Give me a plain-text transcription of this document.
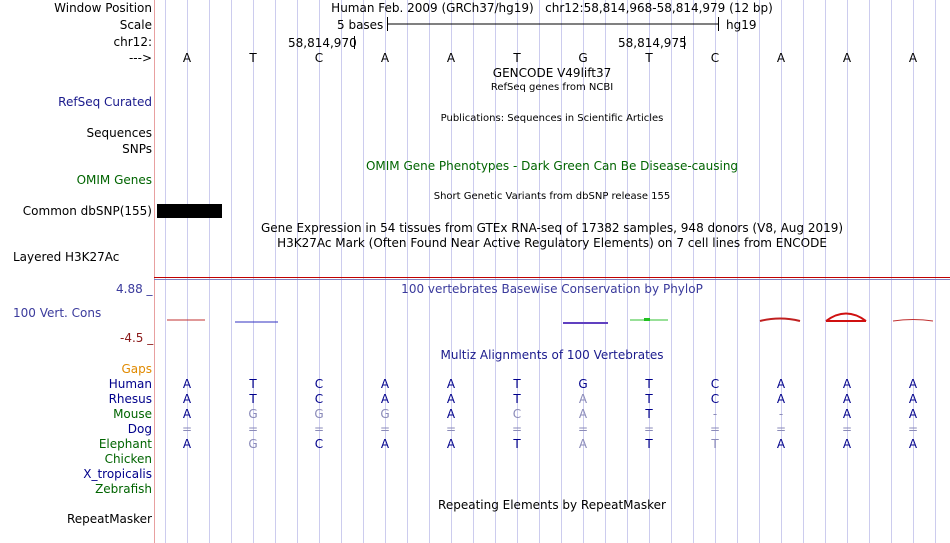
Window Position	Human Feb. 2009 (GRCh37/hg19)   chr12:58,814,968-58,814,979 (12 bp)
Scale	5 bases	hg19
chr12:	58,814,970	58,814,975
--->	A	T	C	A	A	T	G	T	C	A	A	A
GENCODE V49lift37
RefSeq genes from NCBI
RefSeq Curated
Publications: Sequences in Scientific Articles
Sequences
SNPs
OMIM Gene Phenotypes - Dark Green Can Be Disease-causing
OMIM Genes
Short Genetic Variants from dbSNP release 155
Common dbSNP(155)
Gene Expression in 54 tissues from GTEx RNA-seq of 17382 samples, 948 donors (V8, Aug 2019)
H3K27Ac Mark (Often Found Near Active Regulatory Elements) on 7 cell lines from ENCODE
Layered H3K27Ac
4.88 _	100 vertebrates Basewise Conservation by PhyloP
100 Vert. Cons
-4.5 _
Multiz Alignments of 100 Vertebrates
Gaps
Human	A	T	C	A	A	T	G	T	C	A	A	A
Rhesus	A	T	C	A	A	T	A	T	C	A	A	A
Mouse	A	G	G	G	A	C	A	T	-	-	A	A
Dog	=	=	=	=	=	=	=	=	=	=	=	=
Elephant	A	G	C	A	A	T	A	T	T	A	A	A
Chicken
X_tropicalis
Zebrafish
Repeating Elements by RepeatMasker
RepeatMasker
